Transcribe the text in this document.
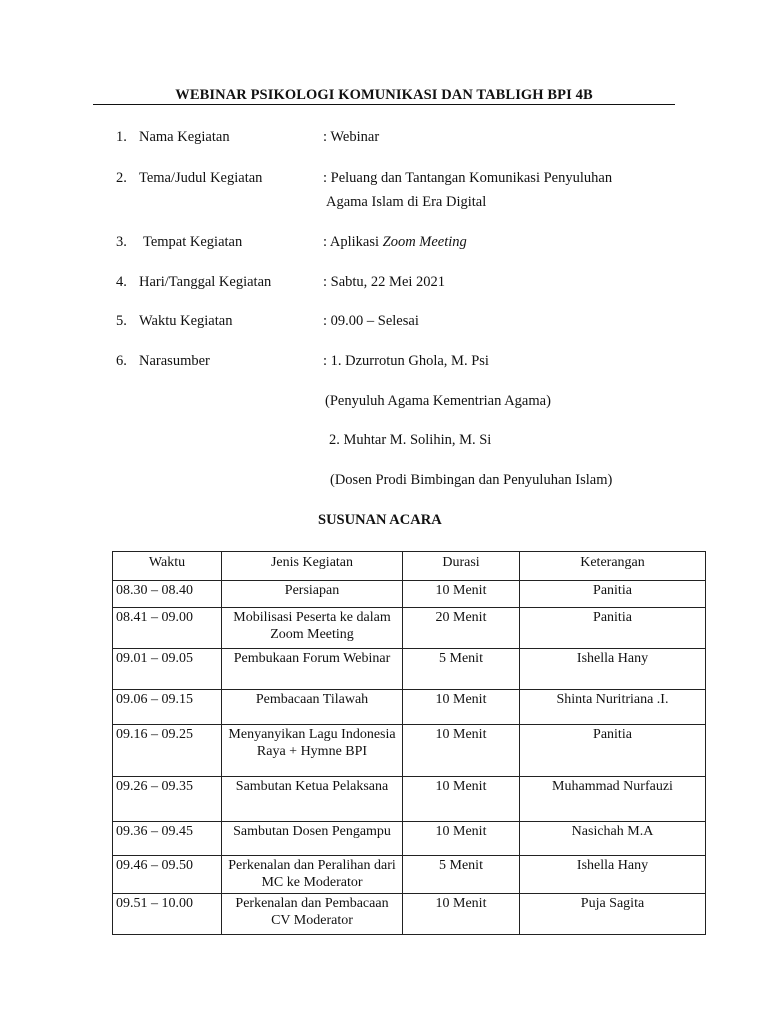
WEBINAR PSIKOLOGI KOMUNIKASI DAN TABLIGH BPI 4B
1. Nama Kegiatan	: Webinar
2. Tema/Judul Kegiatan	: Peluang dan Tantangan Komunikasi Penyuluhan
Agama Islam di Era Digital
3. Tempat Kegiatan	: Aplikasi Zoom Meeting
4. Hari/Tanggal Kegiatan	: Sabtu, 22 Mei 2021
5. Waktu Kegiatan	: 09.00 – Selesai
6. Narasumber	: 1. Dzurrotun Ghola, M. Psi
(Penyuluh Agama Kementrian Agama)
2. Muhtar M. Solihin, M. Si
(Dosen Prodi Bimbingan dan Penyuluhan Islam)
SUSUNAN ACARA
Waktu	Jenis Kegiatan	Durasi	Keterangan
08.30 – 08.40	Persiapan	10 Menit	Panitia
08.41 – 09.00	Mobilisasi Peserta ke dalam Zoom Meeting	20 Menit	Panitia
09.01 – 09.05	Pembukaan Forum Webinar	5 Menit	Ishella Hany
09.06 – 09.15	Pembacaan Tilawah	10 Menit	Shinta Nuritriana .I.
09.16 – 09.25	Menyanyikan Lagu Indonesia Raya + Hymne BPI	10 Menit	Panitia
09.26 – 09.35	Sambutan Ketua Pelaksana	10 Menit	Muhammad Nurfauzi
09.36 – 09.45	Sambutan Dosen Pengampu	10 Menit	Nasichah M.A
09.46 – 09.50	Perkenalan dan Peralihan dari MC ke Moderator	5 Menit	Ishella Hany
09.51 – 10.00	Perkenalan dan Pembacaan CV Moderator	10 Menit	Puja Sagita
